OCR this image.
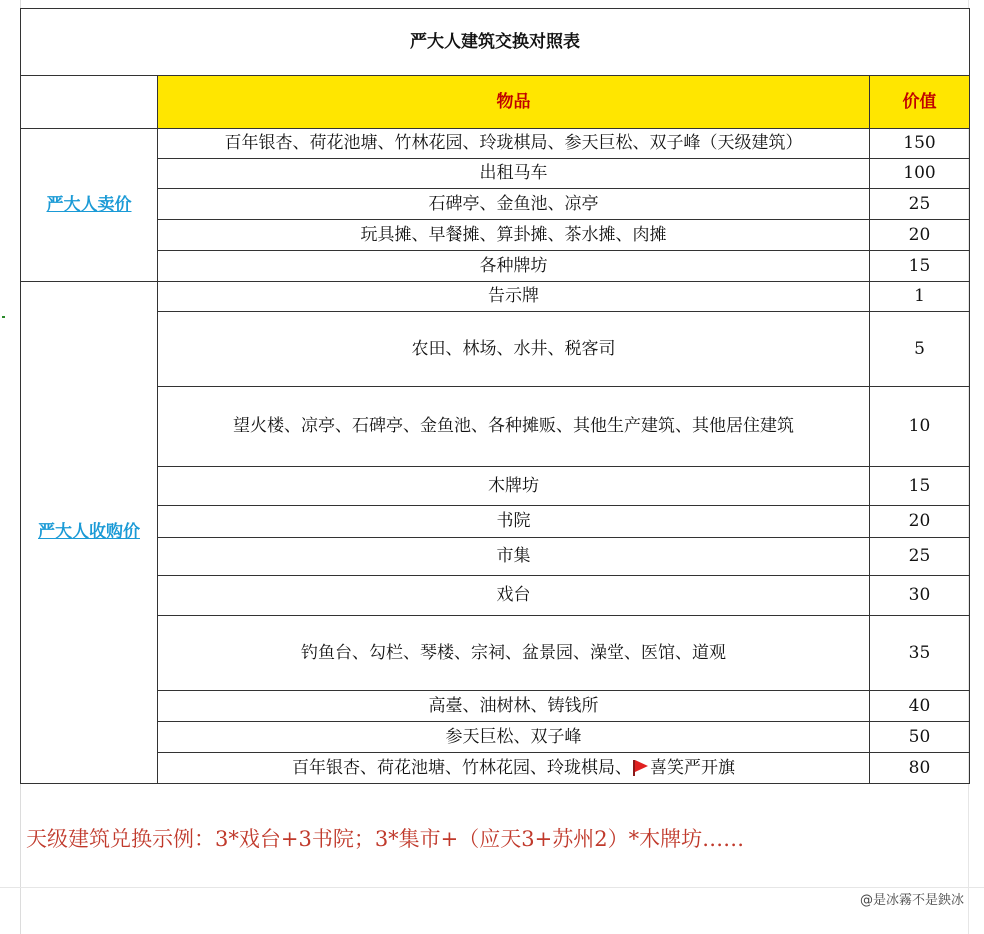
严大人建筑交换对照表		
	物品	价值
严大人卖价	百年银杏、荷花池塘、竹林花园、玲珑棋局、参天巨松、双子峰（天级建筑）	150
	出租马车	100
	石碑亭、金鱼池、凉亭	25
	玩具摊、早餐摊、算卦摊、茶水摊、肉摊	20
	各种牌坊	15
严大人收购价	告示牌	1
	农田、林场、水井、税客司	5
	望火楼、凉亭、石碑亭、金鱼池、各种摊贩、其他生产建筑、其他居住建筑	10
	木牌坊	15
	书院	20
	市集	25
	戏台	30
	钓鱼台、勾栏、琴楼、宗祠、盆景园、澡堂、医馆、道观	35
	高臺、油树林、铸钱所	40
	参天巨松、双子峰	50
	百年银杏、荷花池塘、竹林花园、玲珑棋局、 喜笑严开旗	80
天级建筑兑换示例：3*戏台+3书院；3*集市+（应天3+苏州2）*木牌坊……
@是冰霧不是鉠冰
